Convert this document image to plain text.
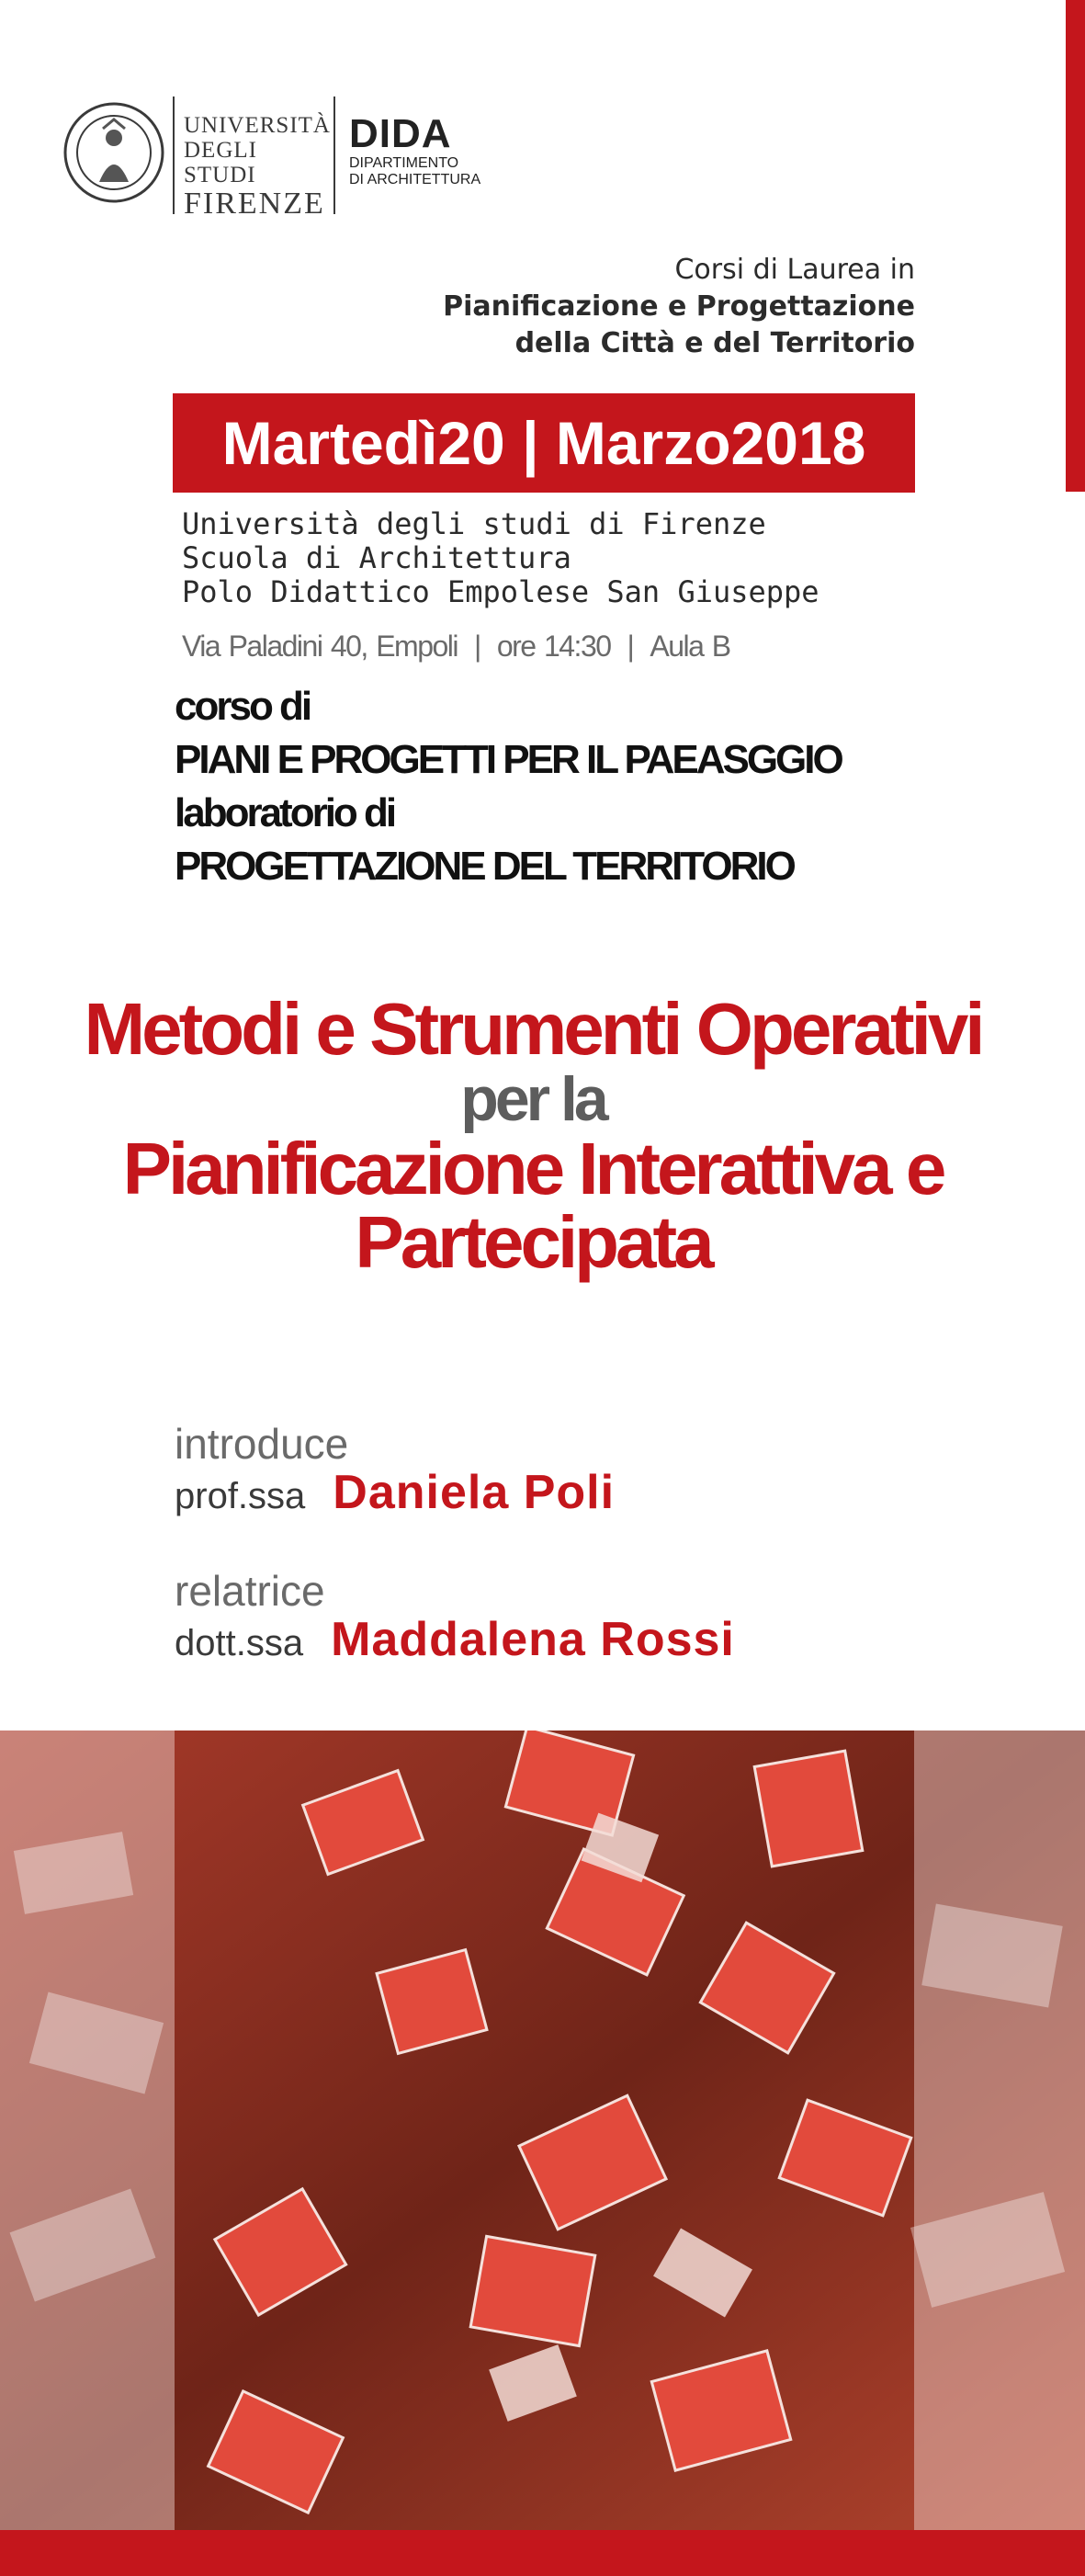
UNIVERSITÀ
DEGLI STUDI
FIRENZE
DIDA
DIPARTIMENTO
DI ARCHITETTURA
Corsi di Laurea in
Pianificazione e Progettazione
della Città e del Territorio
Martedì20 | Marzo2018
Università degli studi di Firenze
Scuola di Architettura
Polo Didattico Empolese San Giuseppe
Via Paladini 40, Empoli | ore 14:30 | Aula B
corso di
PIANI E PROGETTI PER IL PAEASGGIO
laboratorio di
PROGETTAZIONE DEL TERRITORIO
Metodi e Strumenti Operativi
per la
Pianificazione Interattiva e
Partecipata
introduce
prof.ssa Daniela Poli
relatrice
dott.ssa Maddalena Rossi
